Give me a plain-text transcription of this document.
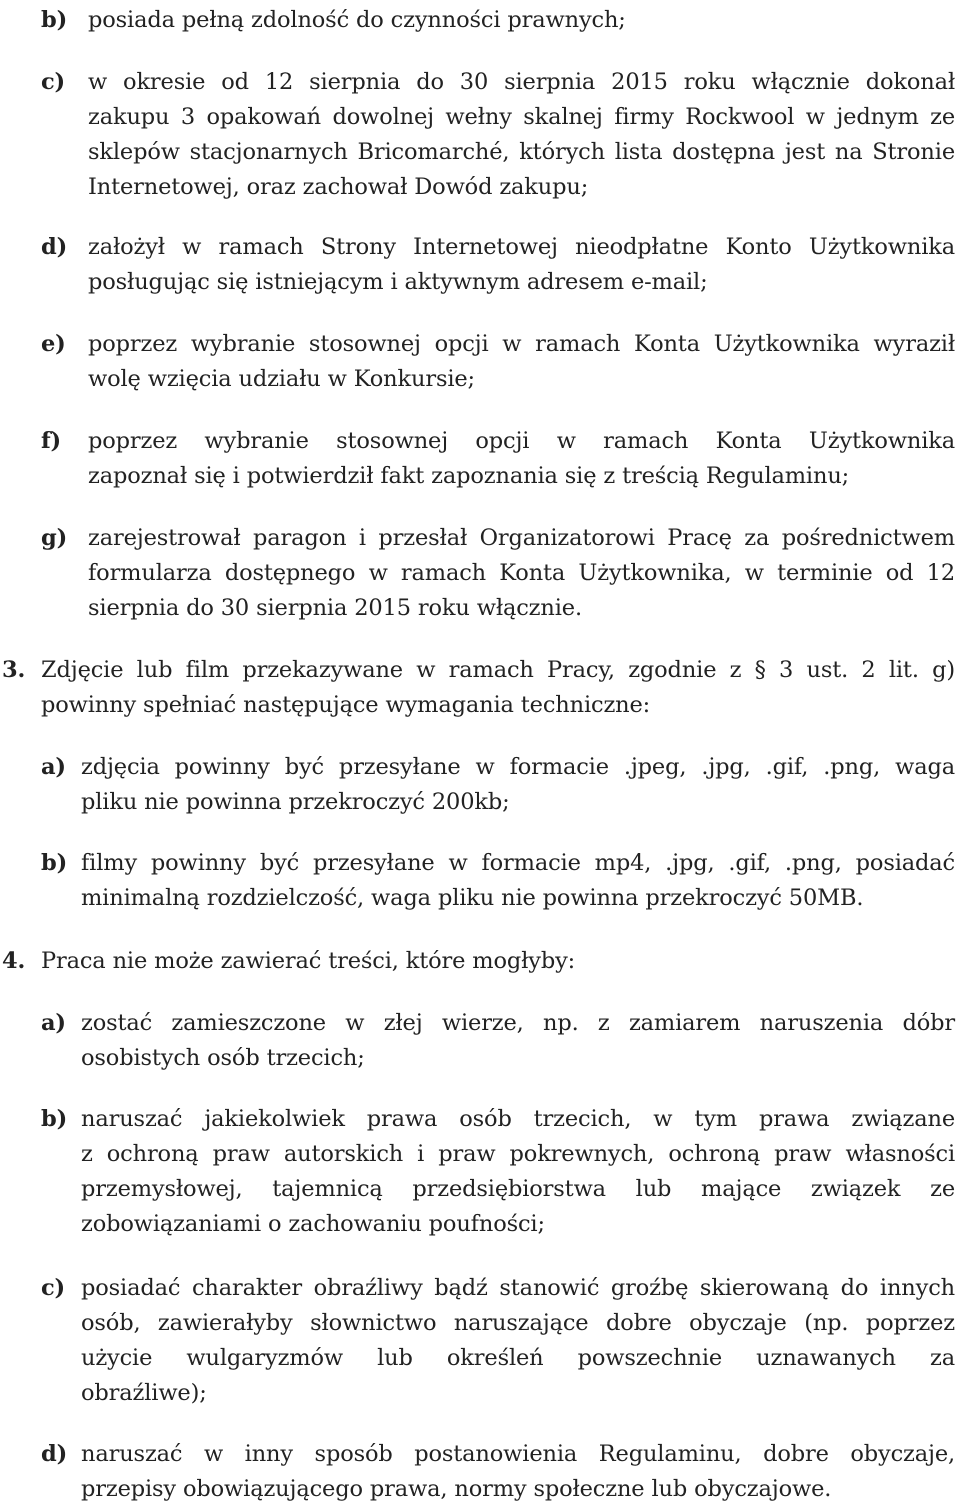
b) posiada pełną zdolność do czynności prawnych;
c)	w okresie od 12 sierpnia do 30 sierpnia 2015 roku włącznie dokonał
zakupu 3 opakowań dowolnej wełny skalnej firmy Rockwool w jednym ze
sklepów stacjonarnych Bricomarché, których lista dostępna jest na Stronie
Internetowej, oraz zachował Dowód zakupu;
d) założył w ramach Strony Internetowej nieodpłatne Konto Użytkownika
posługując się istniejącym i aktywnym adresem e-mail;
e) poprzez wybranie stosownej opcji w ramach Konta Użytkownika wyraził
wolę wzięcia udziału w Konkursie;
f)	poprzez wybranie stosownej opcji w ramach Konta Użytkownika
zapoznał się i potwierdził fakt zapoznania się z treścią Regulaminu;
g) zarejestrował paragon i przesłał Organizatorowi Pracę za pośrednictwem
formularza dostępnego w ramach Konta Użytkownika, w terminie od 12
sierpnia do 30 sierpnia 2015 roku włącznie.
3. Zdjęcie lub film przekazywane w ramach Pracy, zgodnie z § 3 ust. 2 lit. g)
powinny spełniać następujące wymagania techniczne:
a) zdjęcia powinny być przesyłane w formacie .jpeg, .jpg, .gif, .png, waga
pliku nie powinna przekroczyć 200kb;
b) filmy powinny być przesyłane w formacie mp4, .jpg, .gif, .png, posiadać
minimalną rozdzielczość, waga pliku nie powinna przekroczyć 50MB.
4. Praca nie może zawierać treści, które mogłyby:
a) zostać zamieszczone w złej wierze, np. z zamiarem naruszenia dóbr
osobistych osób trzecich;
b) naruszać jakiekolwiek prawa osób trzecich, w tym prawa związane
z ochroną praw autorskich i praw pokrewnych, ochroną praw własności
przemysłowej, tajemnicą przedsiębiorstwa lub mające związek ze
zobowiązaniami o zachowaniu poufności;
c) posiadać charakter obraźliwy bądź stanowić groźbę skierowaną do innych
osób, zawierałyby słownictwo naruszające dobre obyczaje (np. poprzez
użycie wulgaryzmów lub określeń powszechnie uznawanych za
obraźliwe);
d) naruszać w inny sposób postanowienia Regulaminu, dobre obyczaje,
przepisy obowiązującego prawa, normy społeczne lub obyczajowe.
